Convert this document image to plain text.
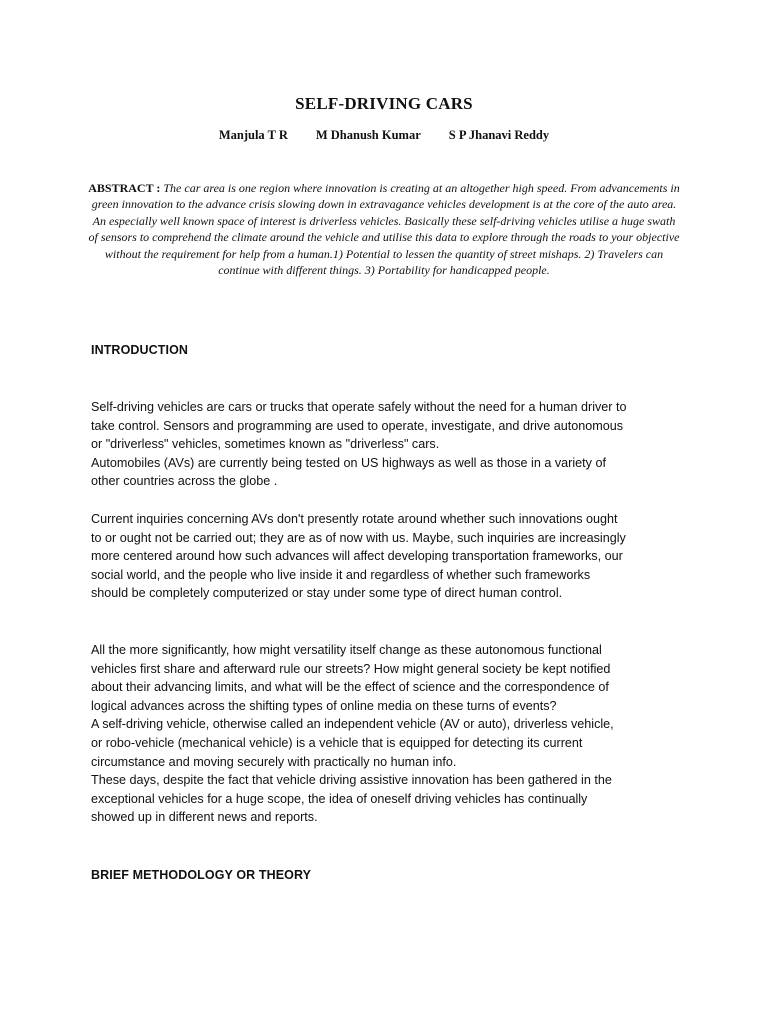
SELF-DRIVING CARS
Manjula T R M Dhanush Kumar S P Jhanavi Reddy

ABSTRACT : The car area is one region where innovation is creating at an altogether high speed. From advancements in green innovation to the advance crisis slowing down in extravagance vehicles development is at the core of the auto area. An especially well known space of interest is driverless vehicles. Basically these self-driving vehicles utilise a huge swath of sensors to comprehend the climate around the vehicle and utilise this data to explore through the roads to your objective without the requirement for help from a human.1) Potential to lessen the quantity of street mishaps. 2) Travelers can continue with different things. 3) Portability for handicapped people.

INTRODUCTION

Self-driving vehicles are cars or trucks that operate safely without the need for a human driver to
take control. Sensors and programming are used to operate, investigate, and drive autonomous
or "driverless" vehicles, sometimes known as "driverless" cars.
Automobiles (AVs) are currently being tested on US highways as well as those in a variety of
other countries across the globe .

Current inquiries concerning AVs don't presently rotate around whether such innovations ought
to or ought not be carried out; they are as of now with us. Maybe, such inquiries are increasingly
more centered around how such advances will affect developing transportation frameworks, our
social world, and the people who live inside it and regardless of whether such frameworks
should be completely computerized or stay under some type of direct human control.

All the more significantly, how might versatility itself change as these autonomous functional
vehicles first share and afterward rule our streets? How might general society be kept notified
about their advancing limits, and what will be the effect of science and the correspondence of
logical advances across the shifting types of online media on these turns of events?
A self-driving vehicle, otherwise called an independent vehicle (AV or auto), driverless vehicle,
or robo-vehicle (mechanical vehicle) is a vehicle that is equipped for detecting its current
circumstance and moving securely with practically no human info.
These days, despite the fact that vehicle driving assistive innovation has been gathered in the
exceptional vehicles for a huge scope, the idea of oneself driving vehicles has continually
showed up in different news and reports.

BRIEF METHODOLOGY OR THEORY
